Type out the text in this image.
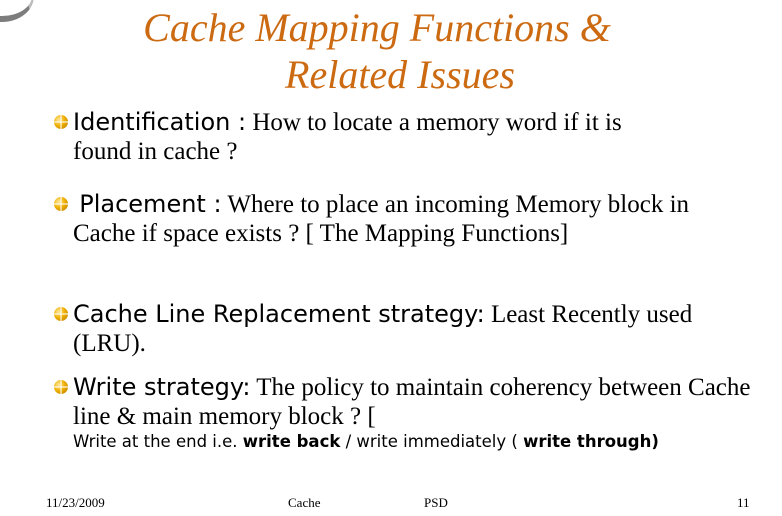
Cache Mapping Functions &
Related Issues
Identification : How to locate a memory word if it is found in cache ?
Placement : Where to place an incoming Memory block in Cache if space exists ? [ The Mapping Functions]
Cache Line Replacement strategy: Least Recently used (LRU).
Write strategy: The policy to maintain coherency between Cache line & main memory block ? [
Write at the end i.e. write back / write immediately ( write through)
11/23/2009	Cache	PSD	11
